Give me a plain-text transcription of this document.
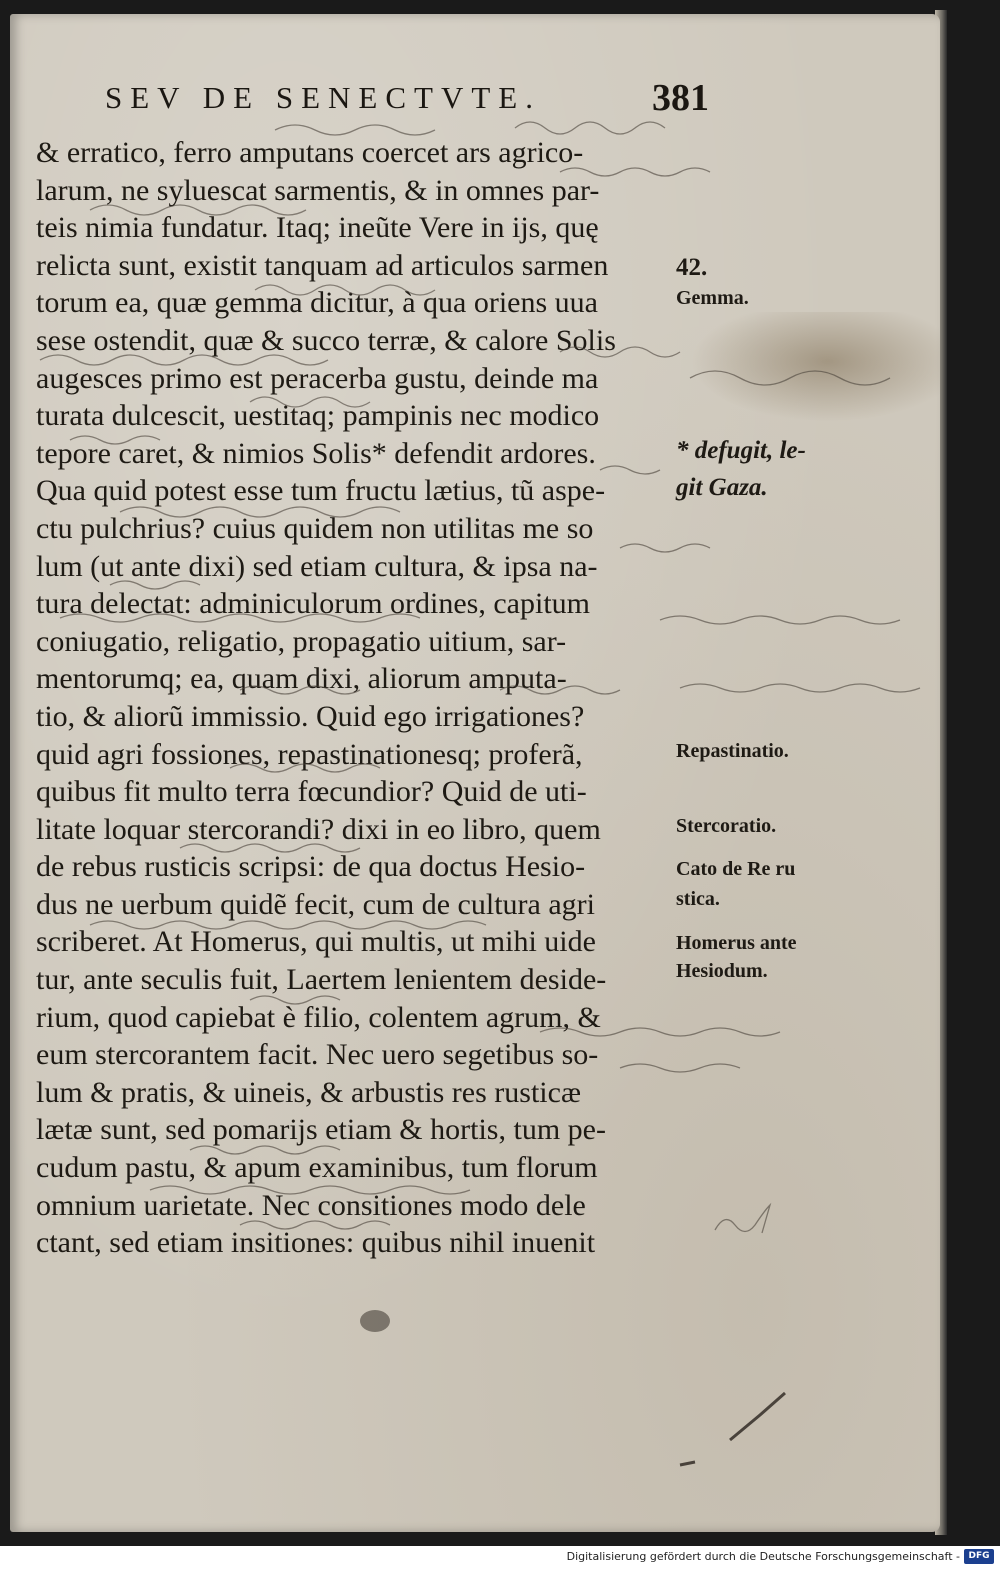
SEV DE SENECTVTE.	381
& erratico, ferro amputans coercet ars agrico-
larum, ne syluescat sarmentis, & in omnes par-
teis nimia fundatur. Itaq; ineũte Vere in ijs, quę
relicta sunt, existit tanquam ad articulos sarmen
torum ea, quæ gemma dicitur, à qua oriens uua
sese ostendit, quæ & succo terræ, & calore Solis
augesces primo est peracerba gustu, deinde ma
turata dulcescit, uestitaq; pampinis nec modico
tepore caret, & nimios Solis* defendit ardores.
Qua quid potest esse tum fructu lætius, tũ aspe-
ctu pulchrius? cuius quidem non utilitas me so
lum (ut ante dixi) sed etiam cultura, & ipsa na-
tura delectat: adminiculorum ordines, capitum
coniugatio, religatio, propagatio uitium, sar-
mentorumq; ea, quam dixi, aliorum amputa-
tio, & aliorũ immissio. Quid ego irrigationes?
quid agri fossiones, repastinationesq; proferã,
quibus fit multo terra fœcundior? Quid de uti-
litate loquar stercorandi? dixi in eo libro, quem
de rebus rusticis scripsi: de qua doctus Hesio-
dus ne uerbum quidẽ fecit, cum de cultura agri
scriberet. At Homerus, qui multis, ut mihi uide
tur, ante seculis fuit, Laertem lenientem deside-
rium, quod capiebat è filio, colentem agrum, &
eum stercorantem facit. Nec uero segetibus so-
lum & pratis, & uineis, & arbustis res rusticæ
lætæ sunt, sed pomarijs etiam & hortis, tum pe-
cudum pastu, & apum examinibus, tum florum
omnium uarietate. Nec consitiones modo dele
ctant, sed etiam insitiones: quibus nihil inuenit
42.
Gemma.
* defugit, le-
git Gaza.
Repastinatio.
Stercoratio.
Cato de Re ru
stica.
Homerus ante
Hesiodum.
Digitalisierung gefördert durch die Deutsche Forschungsgemeinschaft - DFG
